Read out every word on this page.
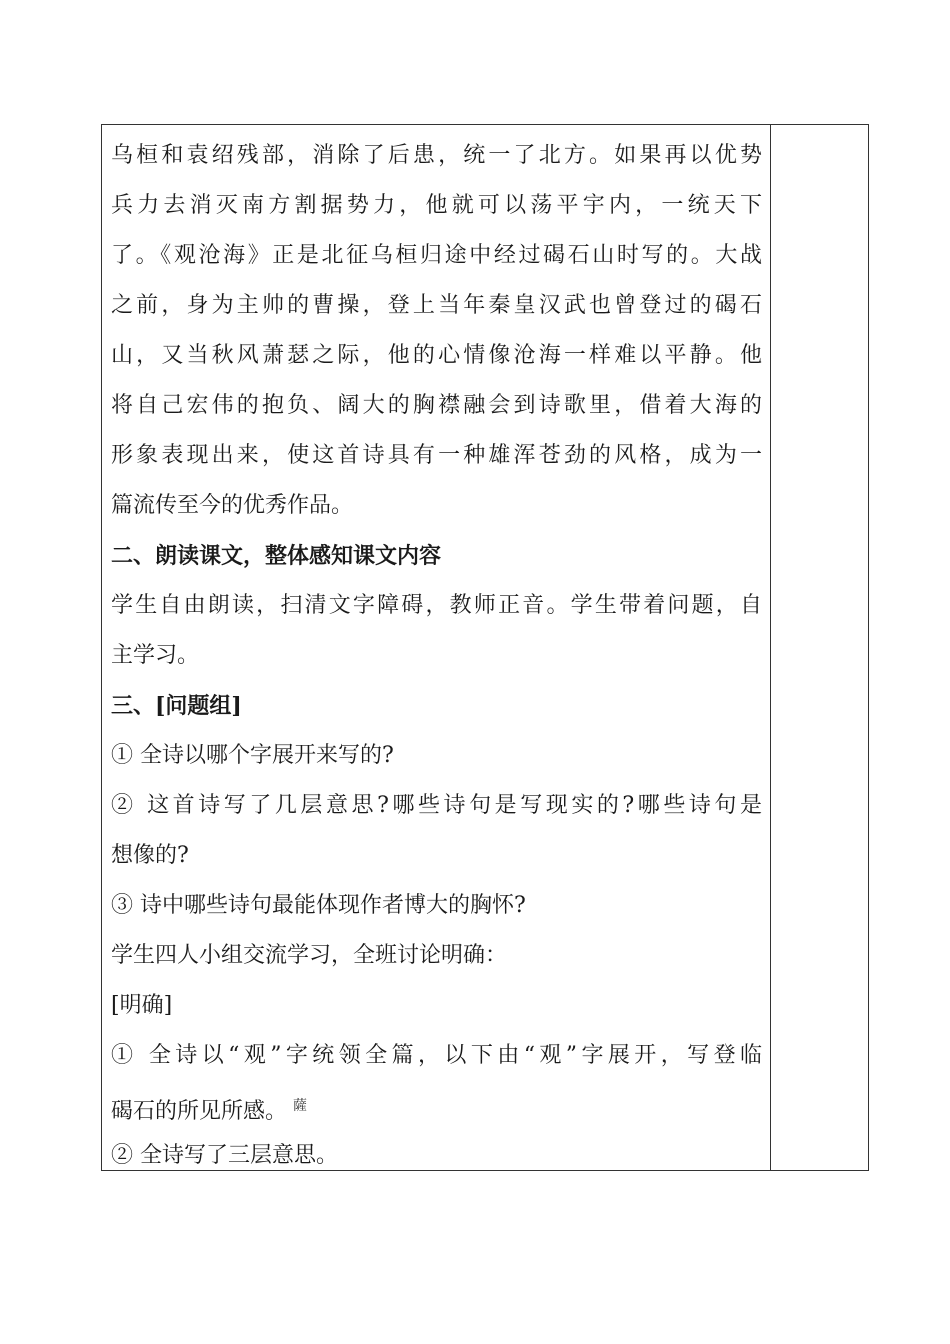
乌桓和袁绍残部，消除了后患，统一了北方。如果再以优势
兵力去消灭南方割据势力，他就可以荡平宇内，一统天下
了。《观沧海》正是北征乌桓归途中经过碣石山时写的。大战
之前，身为主帅的曹操，登上当年秦皇汉武也曾登过的碣石
山，又当秋风萧瑟之际，他的心情像沧海一样难以平静。他
将自己宏伟的抱负、阔大的胸襟融会到诗歌里，借着大海的
形象表现出来，使这首诗具有一种雄浑苍劲的风格，成为一
篇流传至今的优秀作品。
二、朗读课文，整体感知课文内容
学生自由朗读，扫清文字障碍，教师正音。学生带着问题，自
主学习。
三、[问题组]
① 全诗以哪个字展开来写的?
② 这首诗写了几层意思?哪些诗句是写现实的?哪些诗句是
想像的?
③ 诗中哪些诗句最能体现作者博大的胸怀?
学生四人小组交流学习，全班讨论明确：
[明确]
① 全诗以“观”字统领全篇，以下由“观”字展开，写登临
碣石的所见所感。 $^薩$
② 全诗写了三层意思。
